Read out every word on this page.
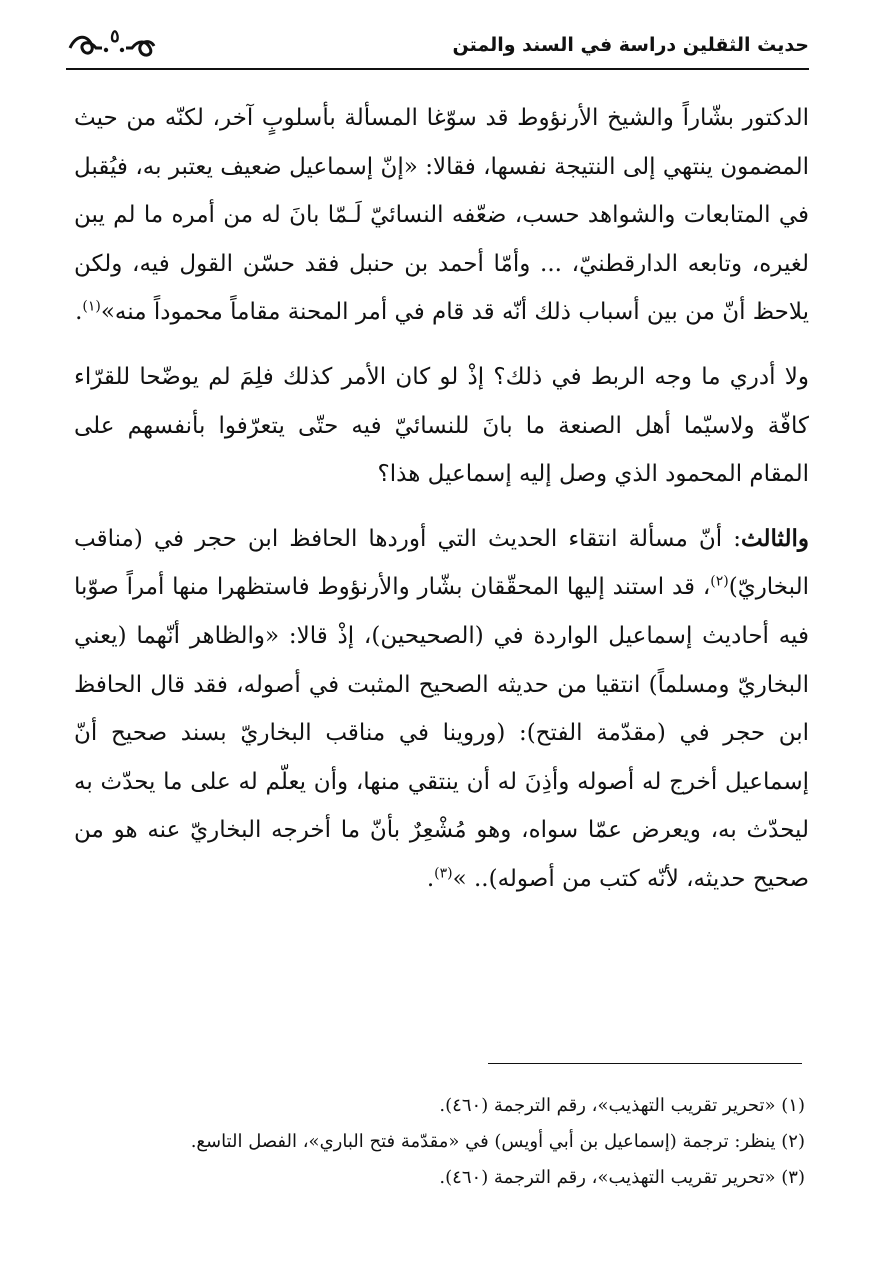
حديث الثقلين دراسة في السند والمتن
٥

الدكتور بشّاراً والشيخ الأرنؤوط قد سوّغا المسألة بأسلوبٍ آخر، لكنّه من حيث المضمون ينتهي إلى النتيجة نفسها، فقالا: «إنّ إسماعيل ضعيف يعتبر به، فيُقبل في المتابعات والشواهد حسب، ضعّفه النسائيّ لَـمّا بانَ له من أمره ما لم يبن لغيره، وتابعه الدارقطنيّ، ... وأمّا أحمد بن حنبل فقد حسّن القول فيه، ولكن يلاحظ أنّ من بين أسباب ذلك أنّه قد قام في أمر المحنة مقاماً محموداً منه»$^{(١)}$.

ولا أدري ما وجه الربط في ذلك؟ إذْ لو كان الأمر كذلك فلِمَ لم يوضّحا للقرّاء كافّة ولاسيّما أهل الصنعة ما بانَ للنسائيّ فيه حتّى يتعرّفوا بأنفسهم على المقام المحمود الذي وصل إليه إسماعيل هذا؟

والثالث: أنّ مسألة انتقاء الحديث التي أوردها الحافظ ابن حجر في (مناقب البخاريّ)$^{(٢)}$، قد استند إليها المحقّقان بشّار والأرنؤوط فاستظهرا منها أمراً صوّبا فيه أحاديث إسماعيل الواردة في (الصحيحين)، إذْ قالا: «والظاهر أنّهما (يعني البخاريّ ومسلماً) انتقيا من حديثه الصحيح المثبت في أصوله، فقد قال الحافظ ابن حجر في (مقدّمة الفتح): (وروينا في مناقب البخاريّ بسند صحيح أنّ إسماعيل أخرج له أصوله وأذِنَ له أن ينتقي منها، وأن يعلّم له على ما يحدّث به ليحدّث به، ويعرض عمّا سواه، وهو مُشْعِرٌ بأنّ ما أخرجه البخاريّ عنه هو من صحيح حديثه، لأنّه كتب من أصوله).. »$^{(٣)}$.

(١) «تحرير تقريب التهذيب»، رقم الترجمة (٤٦٠).

(٢) ينظر: ترجمة (إسماعيل بن أبي أويس) في «مقدّمة فتح الباري»، الفصل التاسع.

(٣) «تحرير تقريب التهذيب»، رقم الترجمة (٤٦٠).
